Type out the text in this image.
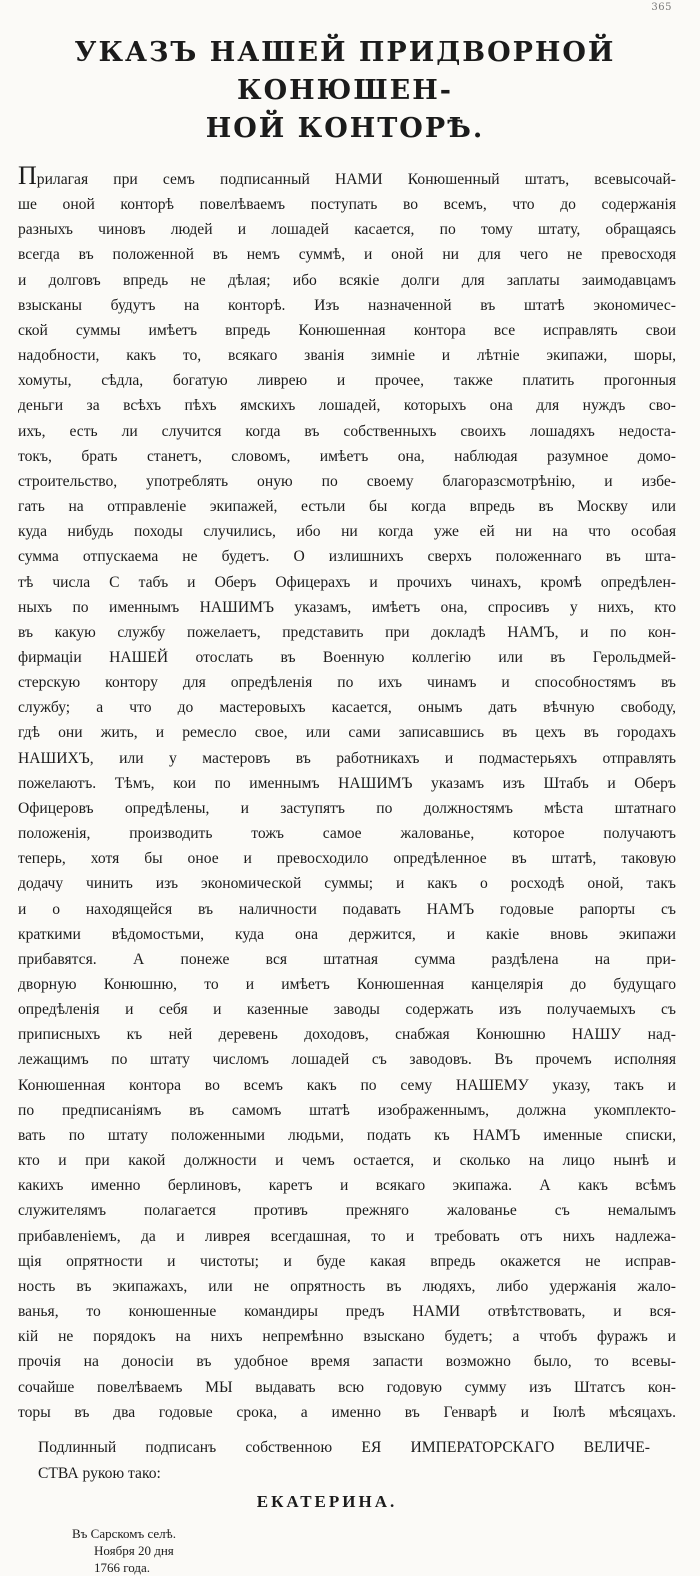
365
УКАЗЪ НАШЕЙ ПРИДВОРНОЙ КОНЮШЕН-
НОЙ КОНТОРѢ.
Прилагая при семъ подписанный НАМИ Конюшенный штатъ, всевысочай-
ше оной конторѣ повелѣваемъ поступать во всемъ, что до содержанія
разныхъ чиновъ людей и лошадей касается, по тому штату, обращаясь
всегда въ положенной въ немъ суммѣ, и оной ни для чего не превосходя
и долговъ впредь не дѣлая; ибо всякіе долги для заплаты заимодавцамъ
взысканы будутъ на конторѣ. Изъ назначенной въ штатѣ экономичес-
ской суммы имѣетъ впредь Конюшенная контора все исправлять свои
надобности, какъ то, всякаго званія зимніе и лѣтніе экипажи, шоры,
хомуты, сѣдла, богатую ливрею и прочее, также платить прогонныя
деньги за всѣхъ пѣхъ ямскихъ лошадей, которыхъ она для нуждъ сво-
ихъ, есть ли случится когда въ собственныхъ своихъ лошадяхъ недоста-
токъ, брать станетъ, словомъ, имѣетъ она, наблюдая разумное домо-
строительство, употреблять оную по своему благоразсмотрѣнію, и избе-
гать на отправленіе экипажей, естьли бы когда впредь въ Москву или
куда нибудь походы случились, ибо ни когда уже ей ни на что особая
сумма отпускаема не будетъ. О излишнихъ сверхъ положеннаго въ шта-
тѣ числа С табъ и Оберъ Офицерахъ и прочихъ чинахъ, кромѣ опредѣлен-
ныхъ по именнымъ НАШИМЪ указамъ, имѣетъ она, спросивъ у нихъ, кто
въ какую службу пожелаетъ, представить при докладѣ НАМЪ, и по кон-
фирмаціи НАШЕЙ отослать въ Военную коллегію или въ Герольдмей-
стерскую контору для опредѣленія по ихъ чинамъ и способностямъ въ
службу; а что до мастеровыхъ касается, онымъ дать вѣчную свободу,
гдѣ они жить, и ремесло свое, или сами записавшись въ цехъ въ городахъ
НАШИХЪ, или у мастеровъ въ работникахъ и подмастерьяхъ отправлять
пожелаютъ. Тѣмъ, кои по именнымъ НАШИМЪ указамъ изъ Штабъ и Оберъ
Офицеровъ опредѣлены, и заступятъ по должностямъ мѣста штатнаго
положенія, производить тожъ самое жалованье, которое получаютъ
теперь, хотя бы оное и превосходило опредѣленное въ штатѣ, таковую
додачу чинить изъ экономической суммы; и какъ о росходѣ оной, такъ
и о находящейся въ наличности подавать НАМЪ годовые рапорты съ
краткими вѣдомостьми, куда она держится, и какіе вновь экипажи
прибавятся. А понеже вся штатная сумма раздѣлена на при-
дворную Конюшню, то и имѣетъ Конюшенная канцелярія до будущаго
опредѣленія и себя и казенные заводы содержать изъ получаемыхъ съ
приписныхъ къ ней деревень доходовъ, снабжая Конюшню НАШУ над-
лежащимъ по штату числомъ лошадей съ заводовъ. Въ прочемъ исполняя
Конюшенная контора во всемъ какъ по сему НАШЕМУ указу, такъ и
по предписаніямъ въ самомъ штатѣ изображеннымъ, должна укомплекто-
вать по штату положенными людьми, подать къ НАМЪ именные списки,
кто и при какой должности и чемъ остается, и сколько на лицо нынѣ и
какихъ именно берлиновъ, каретъ и всякаго экипажа. А какъ всѣмъ
служителямъ полагается противъ прежняго жалованье съ немалымъ
прибавленіемъ, да и ливрея всегдашная, то и требовать отъ нихъ надлежа-
щія опрятности и чистоты; и буде какая впредь окажется не исправ-
ность въ экипажахъ, или не опрятность въ людяхъ, либо удержанія жало-
ванья, то конюшенные командиры предъ НАМИ отвѣтствовать, и вся-
кій не порядокъ на нихъ непремѣнно взыскано будетъ; а чтобъ фуражъ и
прочія на доносіи въ удобное время запасти возможно было, то всевы-
сочайше повелѣваемъ МЫ выдавать всю годовую сумму изъ Штатсъ кон-
торы въ два годовые срока, а именно въ Генварѣ и Іюлѣ мѣсяцахъ.
Подлинный подписанъ собственною ЕЯ ИМПЕРАТОРСКАГО ВЕЛИЧЕ-
СТВА рукою тако:
ЕКАТЕРИНА.
Въ Сарскомъ селѣ.
Ноября 20 дня
1766 года.
